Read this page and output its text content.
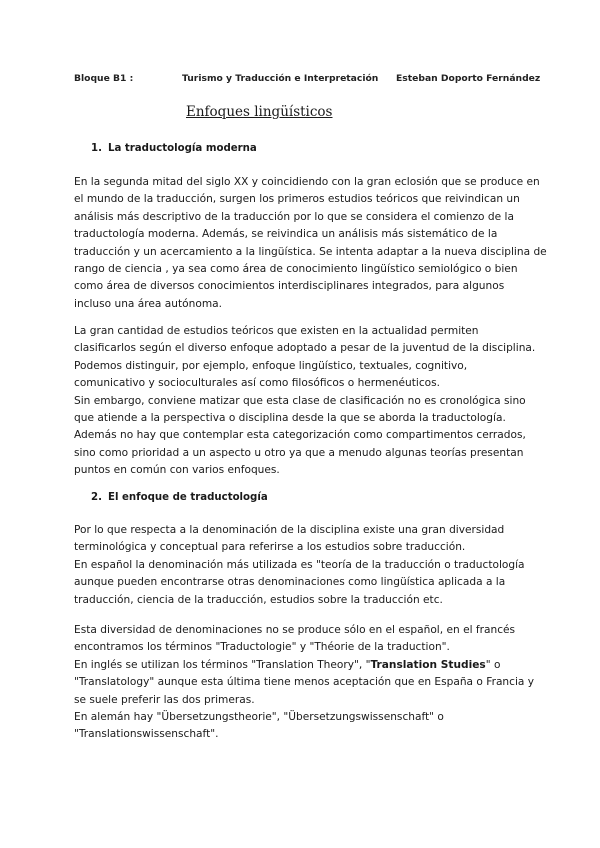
Bloque B1 :	Turismo y Traducción e Interpretación Esteban Doporto Fernández
Enfoques lingüísticos
1. La traductología moderna
En la segunda mitad del siglo XX y coincidiendo con la gran eclosión que se produce en
el mundo de la traducción, surgen los primeros estudios teóricos que reivindican un
análisis más descriptivo de la traducción por lo que se considera el comienzo de la
traductología moderna. Además, se reivindica un análisis más sistemático de la
traducción y un acercamiento a la lingüística. Se intenta adaptar a la nueva disciplina de
rango de ciencia , ya sea como área de conocimiento lingüístico semiológico o bien
como área de diversos conocimientos interdisciplinares integrados, para algunos
incluso una área autónoma.
La gran cantidad de estudios teóricos que existen en la actualidad permiten
clasificarlos según el diverso enfoque adoptado a pesar de la juventud de la disciplina.
Podemos distinguir, por ejemplo, enfoque lingüístico, textuales, cognitivo,
comunicativo y socioculturales así como filosóficos o hermenéuticos.
Sin embargo, conviene matizar que esta clase de clasificación no es cronológica sino
que atiende a la perspectiva o disciplina desde la que se aborda la traductología.
Además no hay que contemplar esta categorización como compartimentos cerrados,
sino como prioridad a un aspecto u otro ya que a menudo algunas teorías presentan
puntos en común con varios enfoques.
2. El enfoque de traductología
Por lo que respecta a la denominación de la disciplina existe una gran diversidad
terminológica y conceptual para referirse a los estudios sobre traducción.
En español la denominación más utilizada es "teoría de la traducción o traductología
aunque pueden encontrarse otras denominaciones como lingüística aplicada a la
traducción, ciencia de la traducción, estudios sobre la traducción etc.
Esta diversidad de denominaciones no se produce sólo en el español, en el francés
encontramos los términos "Traductologie" y "Théorie de la traduction".
En inglés se utilizan los términos "Translation Theory", "Translation Studies" o
"Translatology" aunque esta última tiene menos aceptación que en España o Francia y
se suele preferir las dos primeras.
En alemán hay "Übersetzungstheorie", "Übersetzungswissenschaft" o
"Translationswissenschaft".
